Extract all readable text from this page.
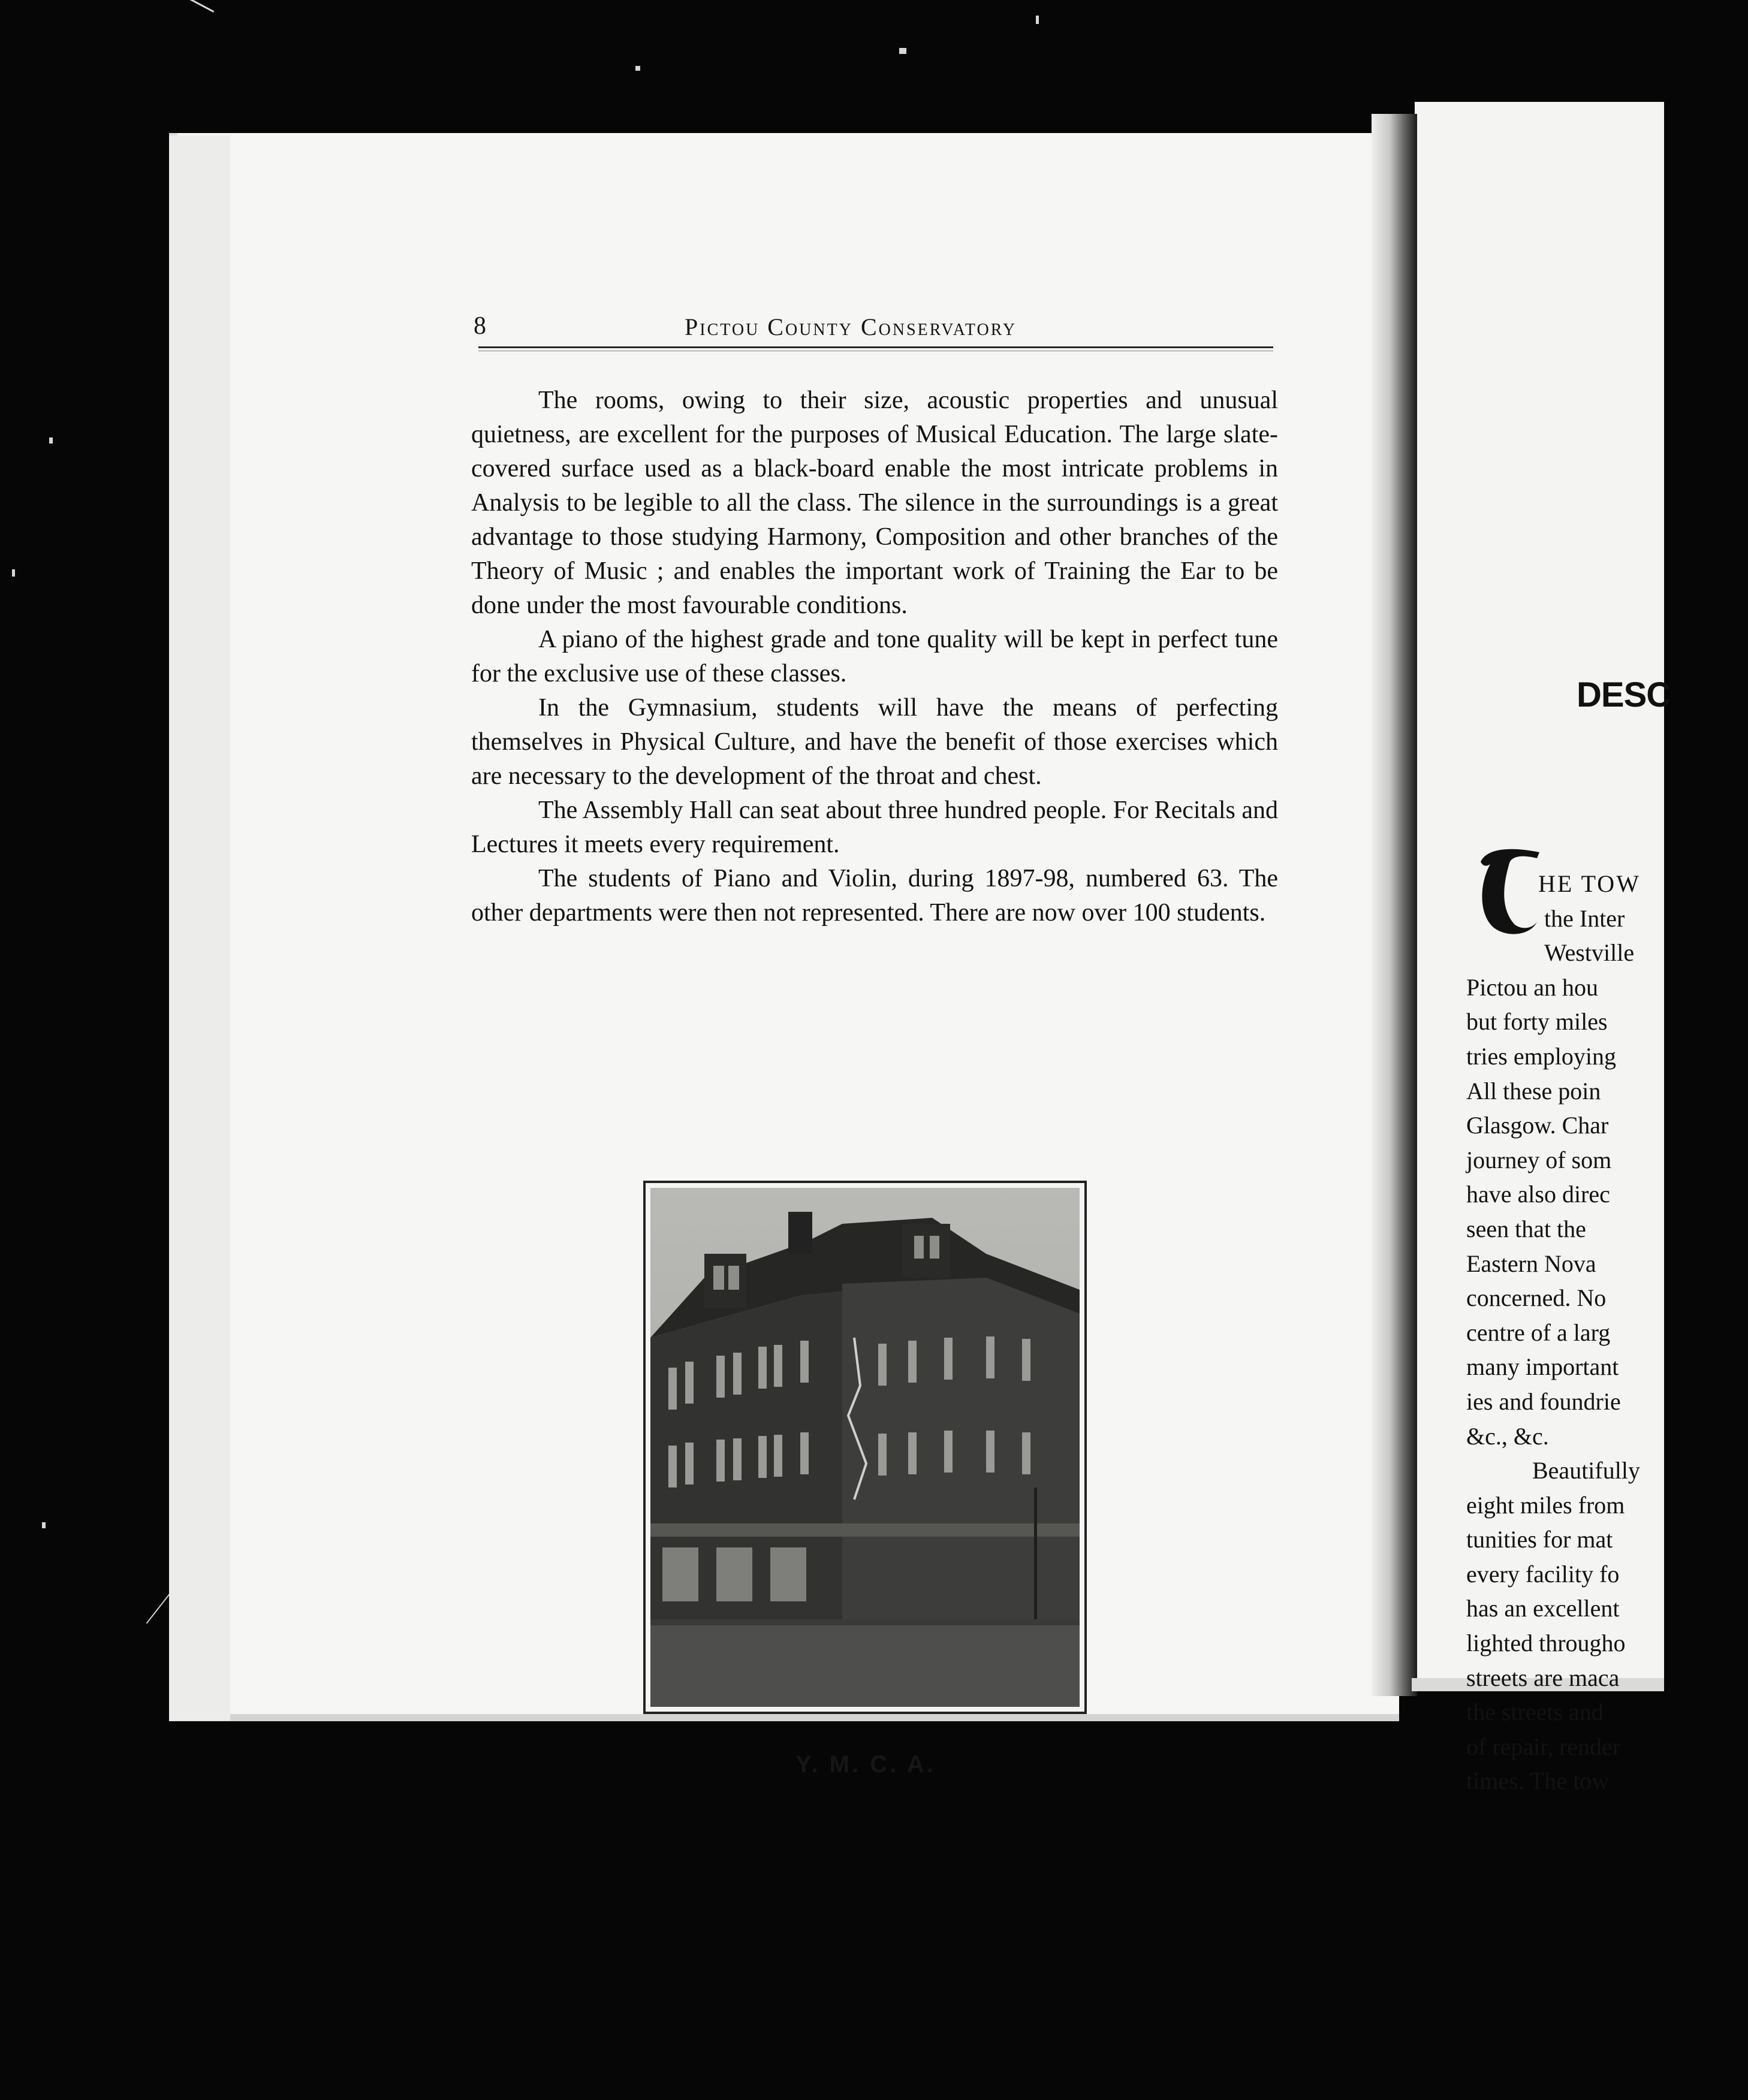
8	Pictou County Conservatory

The rooms, owing to their size, acoustic properties and unusual quietness, are excellent for the purposes of Musical Education. The large slate-covered surface used as a black-board enable the most intricate problems in Analysis to be legible to all the class. The silence in the surroundings is a great advantage to those studying Harmony, Composition and other branches of the Theory of Music ; and enables the important work of Training the Ear to be done under the most favourable conditions.

A piano of the highest grade and tone quality will be kept in perfect tune for the exclusive use of these classes.

In the Gymnasium, students will have the means of perfecting themselves in Physical Culture, and have the benefit of those exercises which are necessary to the development of the throat and chest.

The Assembly Hall can seat about three hundred people. For Recitals and Lectures it meets every requirement.

The students of Piano and Violin, during 1897-98, numbered 63. The other departments were then not represented. There are now over 100 students.

Y. M. C. A.
DESC
T
HE TOW
the Inter
Westville
Pictou an hou
but forty miles
tries employing
All these poin
Glasgow. Char
journey of som
have also direc
seen that the
Eastern Nova
concerned. No
centre of a larg
many important
ies and foundrie
&c., &c.
Beautifully
eight miles from
tunities for mat
every facility fo
has an excellent
lighted througho
streets are maca
the streets and
of repair, render
times. The tow
